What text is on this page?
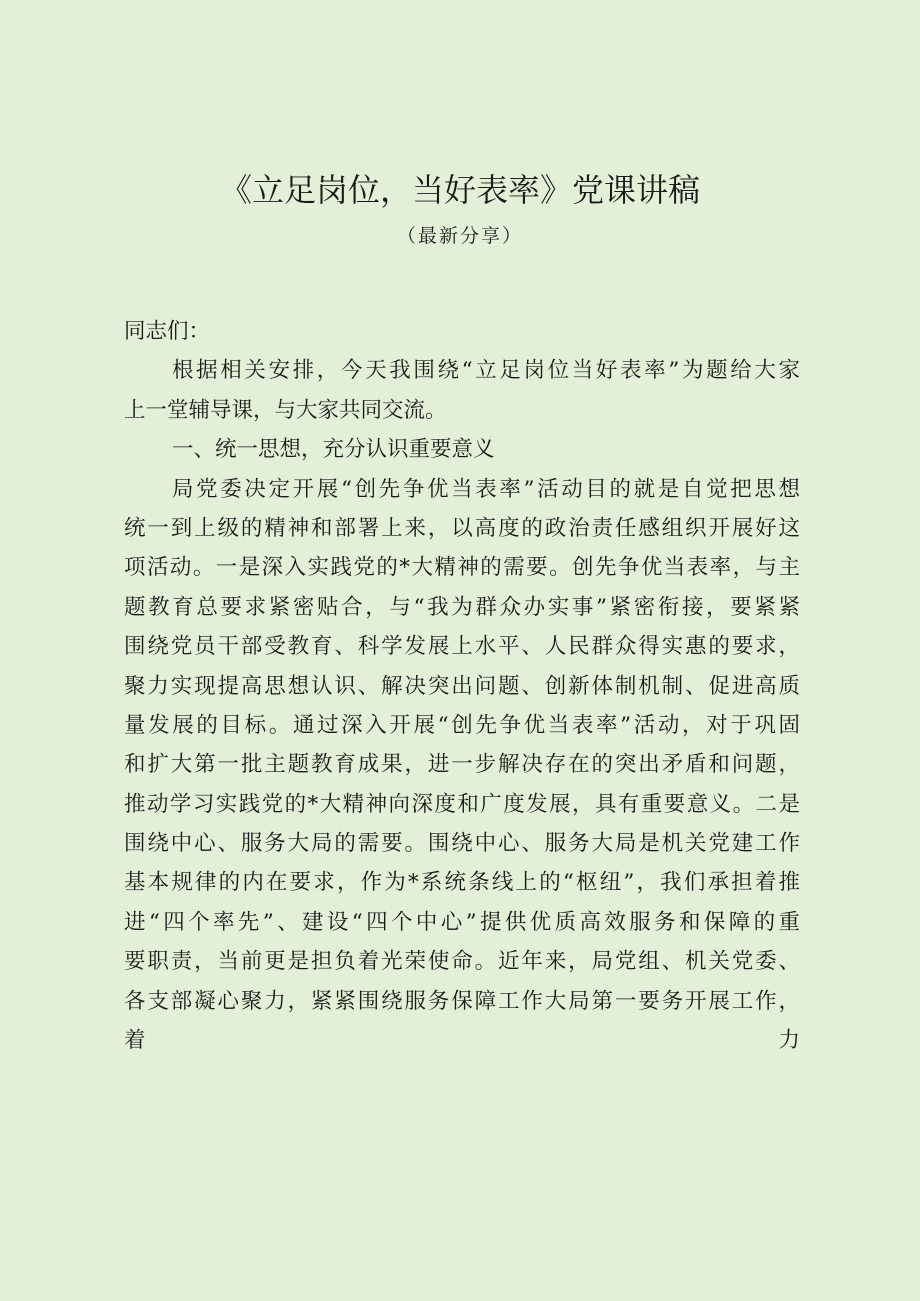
《立足岗位，当好表率》党课讲稿
（最新分享）
同志们：
根据相关安排，今天我围绕“立足岗位当好表率”为题给大家
上一堂辅导课，与大家共同交流。
一、统一思想，充分认识重要意义
局党委决定开展“创先争优当表率”活动目的就是自觉把思想
统一到上级的精神和部署上来，以高度的政治责任感组织开展好这
项活动。一是深入实践党的*大精神的需要。创先争优当表率，与主
题教育总要求紧密贴合，与“我为群众办实事”紧密衔接，要紧紧
围绕党员干部受教育、科学发展上水平、人民群众得实惠的要求，
聚力实现提高思想认识、解决突出问题、创新体制机制、促进高质
量发展的目标。通过深入开展“创先争优当表率”活动，对于巩固
和扩大第一批主题教育成果，进一步解决存在的突出矛盾和问题，
推动学习实践党的*大精神向深度和广度发展，具有重要意义。二是
围绕中心、服务大局的需要。围绕中心、服务大局是机关党建工作
基本规律的内在要求，作为*系统条线上的“枢纽”，我们承担着推
进“四个率先”、建设“四个中心”提供优质高效服务和保障的重
要职责，当前更是担负着光荣使命。近年来，局党组、机关党委、
各支部凝心聚力，紧紧围绕服务保障工作大局第一要务开展工作，
着 力
